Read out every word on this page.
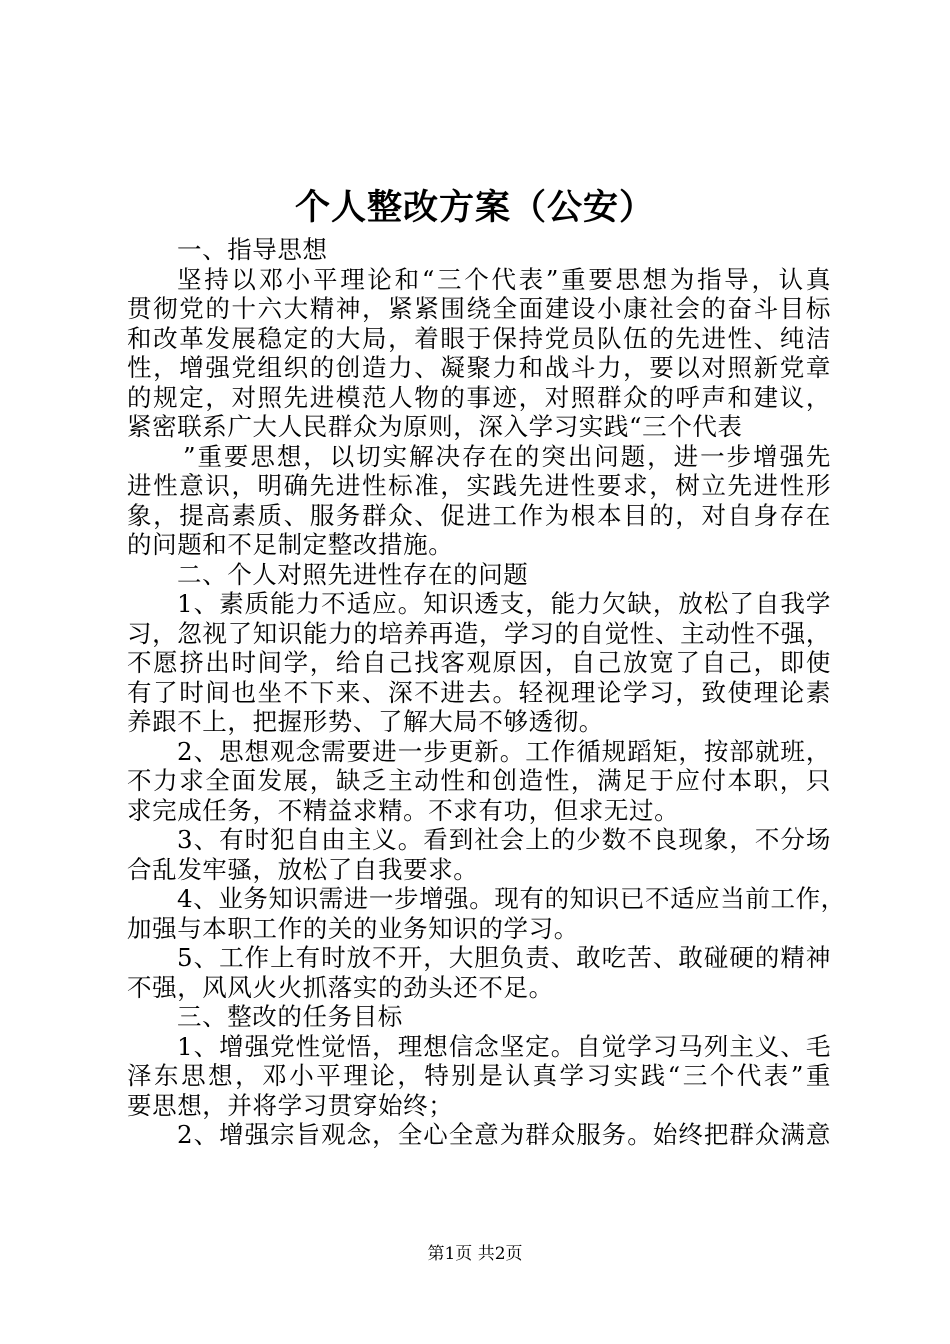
个人整改方案（公安）
一、指导思想
坚持以邓小平理论和“三个代表”重要思想为指导，认真
贯彻党的十六大精神，紧紧围绕全面建设小康社会的奋斗目标
和改革发展稳定的大局，着眼于保持党员队伍的先进性、纯洁
性，增强党组织的创造力、凝聚力和战斗力，要以对照新党章
的规定，对照先进模范人物的事迹，对照群众的呼声和建议，
紧密联系广大人民群众为原则，深入学习实践“三个代表
”重要思想，以切实解决存在的突出问题，进一步增强先
进性意识，明确先进性标准，实践先进性要求，树立先进性形
象，提高素质、服务群众、促进工作为根本目的，对自身存在
的问题和不足制定整改措施。
二、个人对照先进性存在的问题
1、素质能力不适应。知识透支，能力欠缺，放松了自我学
习，忽视了知识能力的培养再造，学习的自觉性、主动性不强，
不愿挤出时间学，给自己找客观原因，自己放宽了自己，即使
有了时间也坐不下来、深不进去。轻视理论学习，致使理论素
养跟不上，把握形势、了解大局不够透彻。
2、思想观念需要进一步更新。工作循规蹈矩，按部就班，
不力求全面发展，缺乏主动性和创造性，满足于应付本职，只
求完成任务，不精益求精。不求有功，但求无过。
3、有时犯自由主义。看到社会上的少数不良现象，不分场
合乱发牢骚，放松了自我要求。
4、业务知识需进一步增强。现有的知识已不适应当前工作，
加强与本职工作的关的业务知识的学习。
5、工作上有时放不开，大胆负责、敢吃苦、敢碰硬的精神
不强，风风火火抓落实的劲头还不足。
三、整改的任务目标
1、增强党性觉悟，理想信念坚定。自觉学习马列主义、毛
泽东思想，邓小平理论，特别是认真学习实践“三个代表”重
要思想，并将学习贯穿始终；
2、增强宗旨观念，全心全意为群众服务。始终把群众满意
第1页 共2页
